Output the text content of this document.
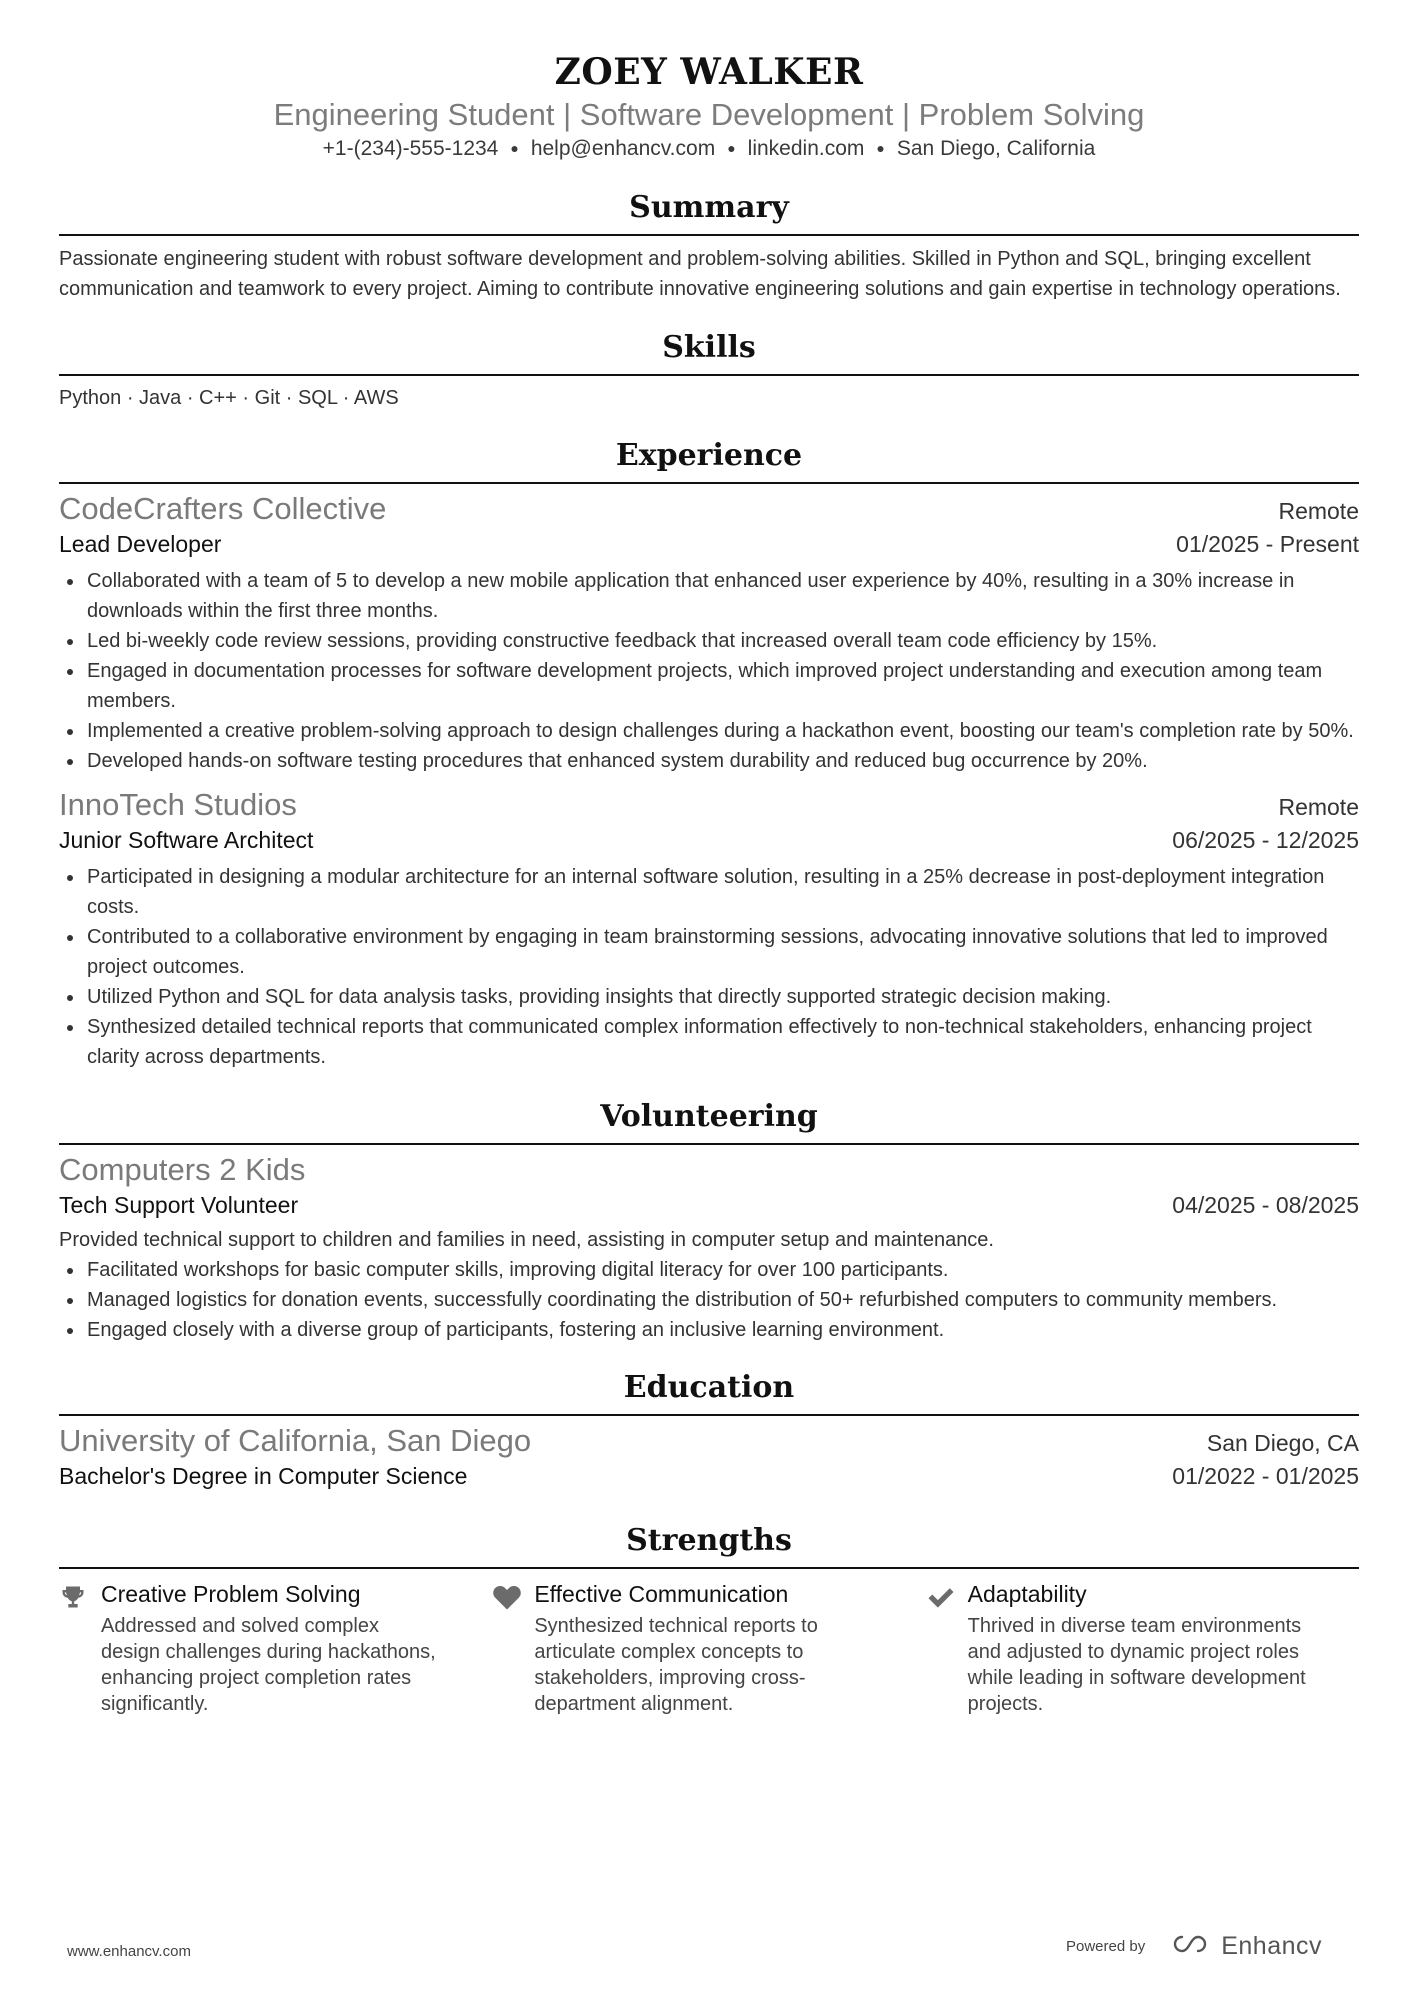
ZOEY WALKER
Engineering Student | Software Development | Problem Solving
+1-(234)-555-1234 ● help@enhancv.com ● linkedin.com ● San Diego, California
Summary
Passionate engineering student with robust software development and problem-solving abilities. Skilled in Python and SQL, bringing excellent communication and teamwork to every project. Aiming to contribute innovative engineering solutions and gain expertise in technology operations.
Skills
Python · Java · C++ · Git · SQL · AWS
Experience
CodeCrafters Collective	Remote
Lead Developer	01/2025 - Present
Collaborated with a team of 5 to develop a new mobile application that enhanced user experience by 40%, resulting in a 30% increase in downloads within the first three months.
Led bi-weekly code review sessions, providing constructive feedback that increased overall team code efficiency by 15%.
Engaged in documentation processes for software development projects, which improved project understanding and execution among team members.
Implemented a creative problem-solving approach to design challenges during a hackathon event, boosting our team's completion rate by 50%.
Developed hands-on software testing procedures that enhanced system durability and reduced bug occurrence by 20%.
InnoTech Studios	Remote
Junior Software Architect	06/2025 - 12/2025
Participated in designing a modular architecture for an internal software solution, resulting in a 25% decrease in post-deployment integration costs.
Contributed to a collaborative environment by engaging in team brainstorming sessions, advocating innovative solutions that led to improved project outcomes.
Utilized Python and SQL for data analysis tasks, providing insights that directly supported strategic decision making.
Synthesized detailed technical reports that communicated complex information effectively to non-technical stakeholders, enhancing project clarity across departments.
Volunteering
Computers 2 Kids
Tech Support Volunteer	04/2025 - 08/2025
Provided technical support to children and families in need, assisting in computer setup and maintenance.
Facilitated workshops for basic computer skills, improving digital literacy for over 100 participants.
Managed logistics for donation events, successfully coordinating the distribution of 50+ refurbished computers to community members.
Engaged closely with a diverse group of participants, fostering an inclusive learning environment.
Education
University of California, San Diego	San Diego, CA
Bachelor's Degree in Computer Science	01/2022 - 01/2025
Strengths
Creative Problem Solving
Addressed and solved complex design challenges during hackathons, enhancing project completion rates significantly.
Effective Communication
Synthesized technical reports to articulate complex concepts to stakeholders, improving cross-department alignment.
Adaptability
Thrived in diverse team environments and adjusted to dynamic project roles while leading in software development projects.
www.enhancv.com	Powered by	Enhancv
